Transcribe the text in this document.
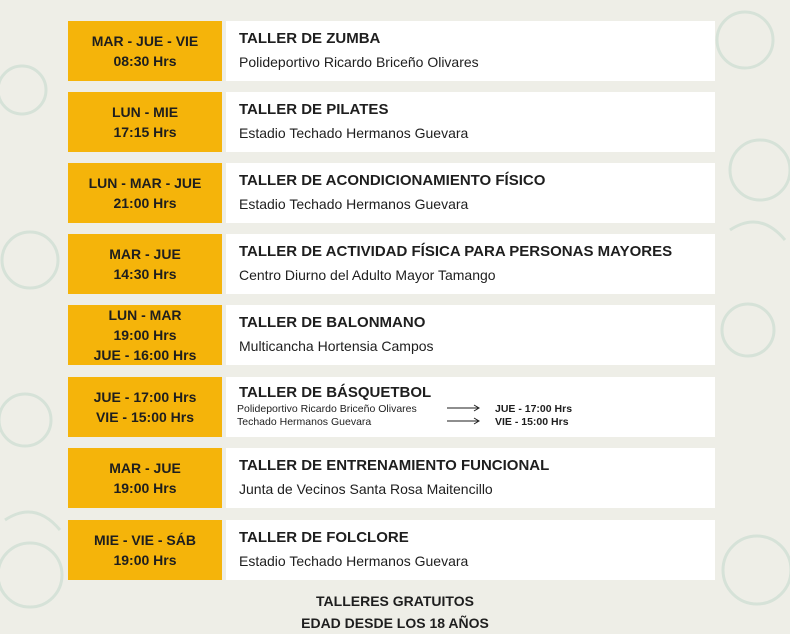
MAR - JUE - VIE
08:30 Hrs
TALLER DE ZUMBA
Polideportivo Ricardo Briceño Olivares
LUN - MIE
17:15 Hrs
TALLER DE PILATES
Estadio Techado Hermanos Guevara
LUN - MAR - JUE
21:00 Hrs
TALLER DE ACONDICIONAMIENTO FÍSICO
Estadio Techado Hermanos Guevara
MAR - JUE
14:30 Hrs
TALLER DE ACTIVIDAD FÍSICA PARA PERSONAS MAYORES
Centro Diurno del Adulto Mayor Tamango
LUN - MAR
19:00 Hrs
JUE - 16:00 Hrs
TALLER DE BALONMANO
Multicancha Hortensia Campos
JUE - 17:00 Hrs
VIE - 15:00 Hrs
TALLER DE BÁSQUETBOL
Polideportivo Ricardo Briceño Olivares	JUE - 17:00 Hrs
Techado Hermanos Guevara	VIE - 15:00 Hrs
MAR - JUE
19:00 Hrs
TALLER DE ENTRENAMIENTO FUNCIONAL
Junta de Vecinos Santa Rosa Maitencillo
MIE - VIE - SÁB
19:00 Hrs
TALLER DE FOLCLORE
Estadio Techado Hermanos Guevara
TALLERES GRATUITOS
EDAD DESDE LOS 18 AÑOS
